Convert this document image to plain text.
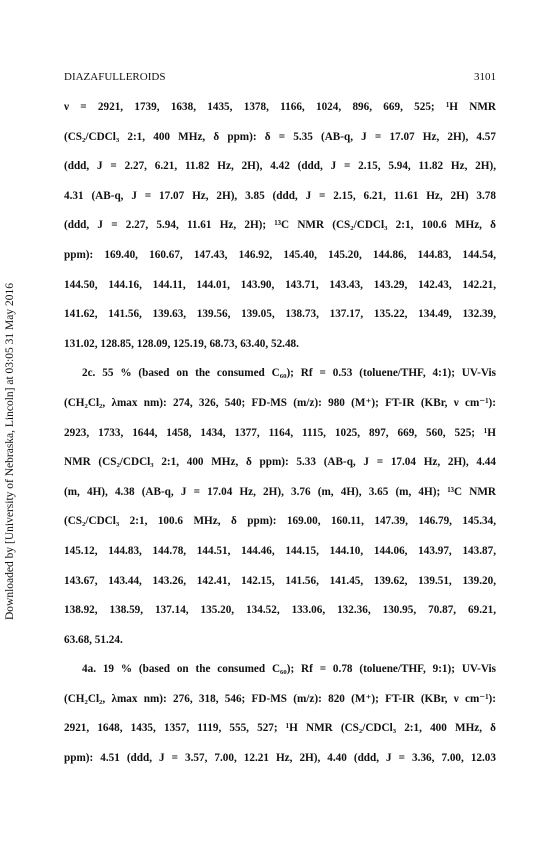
Downloaded by [University of Nebraska, Lincoln] at 03:05 31 May 2016
DIAZAFULLEROIDS	3101
ν = 2921, 1739, 1638, 1435, 1378, 1166, 1024, 896, 669, 525; ¹H NMR
(CS₂/CDCl₃ 2:1, 400 MHz, δ ppm): δ = 5.35 (AB-q, J = 17.07 Hz, 2H), 4.57
(ddd, J = 2.27, 6.21, 11.82 Hz, 2H), 4.42 (ddd, J = 2.15, 5.94, 11.82 Hz, 2H),
4.31 (AB-q, J = 17.07 Hz, 2H), 3.85 (ddd, J = 2.15, 6.21, 11.61 Hz, 2H) 3.78
(ddd, J = 2.27, 5.94, 11.61 Hz, 2H); ¹³C NMR (CS₂/CDCl₃ 2:1, 100.6 MHz, δ
ppm): 169.40, 160.67, 147.43, 146.92, 145.40, 145.20, 144.86, 144.83, 144.54,
144.50, 144.16, 144.11, 144.01, 143.90, 143.71, 143.43, 143.29, 142.43, 142.21,
141.62, 141.56, 139.63, 139.56, 139.05, 138.73, 137.17, 135.22, 134.49, 132.39,
131.02, 128.85, 128.09, 125.19, 68.73, 63.40, 52.48.
2c. 55 % (based on the consumed C₆₀); Rf = 0.53 (toluene/THF, 4:1); UV-Vis
(CH₂Cl₂, λmax nm): 274, 326, 540; FD-MS (m/z): 980 (M⁺); FT-IR (KBr, ν cm⁻¹):
2923, 1733, 1644, 1458, 1434, 1377, 1164, 1115, 1025, 897, 669, 560, 525; ¹H
NMR (CS₂/CDCl₃ 2:1, 400 MHz, δ ppm): 5.33 (AB-q, J = 17.04 Hz, 2H), 4.44
(m, 4H), 4.38 (AB-q, J = 17.04 Hz, 2H), 3.76 (m, 4H), 3.65 (m, 4H); ¹³C NMR
(CS₂/CDCl₃ 2:1, 100.6 MHz, δ ppm): 169.00, 160.11, 147.39, 146.79, 145.34,
145.12, 144.83, 144.78, 144.51, 144.46, 144.15, 144.10, 144.06, 143.97, 143.87,
143.67, 143.44, 143.26, 142.41, 142.15, 141.56, 141.45, 139.62, 139.51, 139.20,
138.92, 138.59, 137.14, 135.20, 134.52, 133.06, 132.36, 130.95, 70.87, 69.21,
63.68, 51.24.
4a. 19 % (based on the consumed C₆₀); Rf = 0.78 (toluene/THF, 9:1); UV-Vis
(CH₂Cl₂, λmax nm): 276, 318, 546; FD-MS (m/z): 820 (M⁺); FT-IR (KBr, ν cm⁻¹):
2921, 1648, 1435, 1357, 1119, 555, 527; ¹H NMR (CS₂/CDCl₃ 2:1, 400 MHz, δ
ppm): 4.51 (ddd, J = 3.57, 7.00, 12.21 Hz, 2H), 4.40 (ddd, J = 3.36, 7.00, 12.03
